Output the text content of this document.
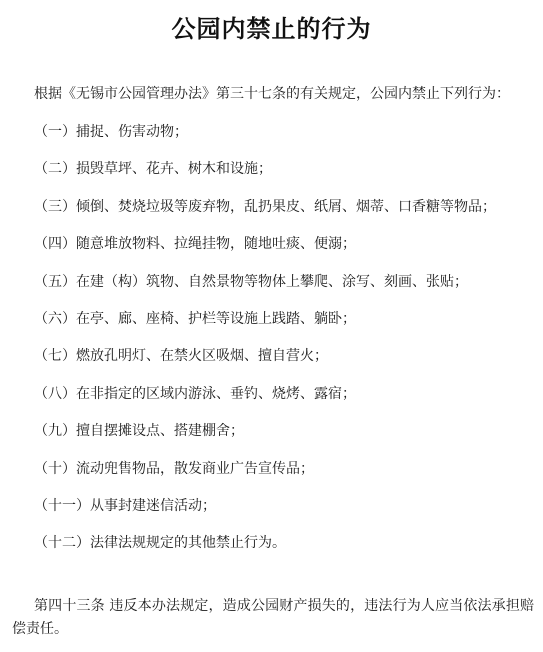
公园内禁止的行为
根据《无锡市公园管理办法》第三十七条的有关规定，公园内禁止下列行为：
（一）捕捉、伤害动物；
（二）损毁草坪、花卉、树木和设施；
（三）倾倒、焚烧垃圾等废弃物，乱扔果皮、纸屑、烟蒂、口香糖等物品；
（四）随意堆放物料、拉绳挂物，随地吐痰、便溺；
（五）在建（构）筑物、自然景物等物体上攀爬、涂写、刻画、张贴；
（六）在亭、廊、座椅、护栏等设施上践踏、躺卧；
（七）燃放孔明灯、在禁火区吸烟、擅自营火；
（八）在非指定的区域内游泳、垂钓、烧烤、露宿；
（九）擅自摆摊设点、搭建棚舍；
（十）流动兜售物品，散发商业广告宣传品；
（十一）从事封建迷信活动；
（十二）法律法规规定的其他禁止行为。
第四十三条 违反本办法规定，造成公园财产损失的，违法行为人应当依法承担赔偿责任。
